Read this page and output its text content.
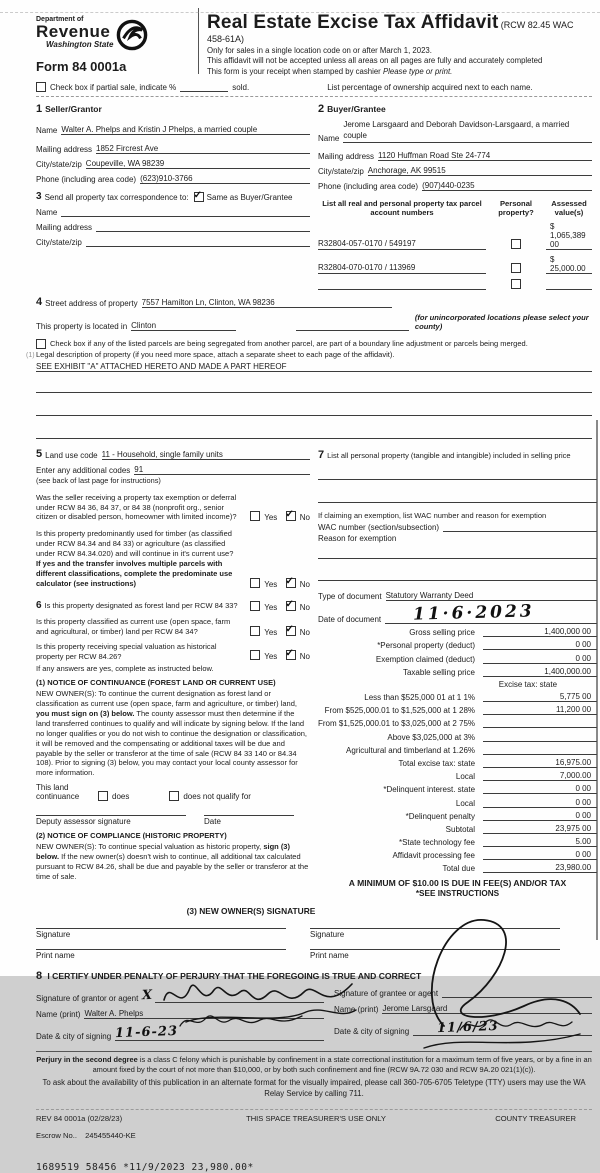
(1)
Department of
Revenue
Washington State
Form 84 0001a
Real Estate Excise Tax Affidavit (RCW 82.45 WAC 458-61A)
Only for sales in a single location code on or after March 1, 2023.
This affidavit will not be accepted unless all areas on all pages are fully and accurately completed
This form is your receipt when stamped by cashier Please type or print.
Check box if partial sale, indicate %	sold.	List percentage of ownership acquired next to each name.
1 Seller/Grantor
Name Walter A. Phelps and Kristin J Phelps, a married couple
Mailing address 1852 Fircrest Ave
City/state/zip Coupeville, WA 98239
Phone (including area code) (623)910-3766
3 Send all property tax correspondence to: ✓ Same as Buyer/Grantee
Name
Mailing address
City/state/zip
2 Buyer/Grantee
Name
Jerome Larsgaard and Deborah Davidson-Larsgaard, a married couple
Mailing address 1120 Huffman Road Ste 24-774
City/state/zip Anchorage, AK 99515
Phone (including area code) (907)440-0235
List all real and personal property tax parcel account numbers
Personal property?
Assessed value(s)
R32804-057-0170 / 549197
$ 1,065,389 00
R32804-070-0170 / 113969
$ 25,000.00
4 Street address of property 7557 Hamilton Ln, Clinton, WA 98236
This property is located in Clinton
(for unincorporated locations please select your county)
Check box if any of the listed parcels are being segregated from another parcel, are part of a boundary line adjustment or parcels being merged.
Legal description of property (if you need more space, attach a separate sheet to each page of the affidavit).
SEE EXHIBIT "A" ATTACHED HERETO AND MADE A PART HEREOF
5 Land use code 11 - Household, single family units
Enter any additional codes 91
(see back of last page for instructions)
Was the seller receiving a property tax exemption or deferral under RCW 84 36, 84 37, or 84 38 (nonprofit org., senior citizen or disabled person, homeowner with limited income)?	Yes ✓	No
Is this property predominantly used for timber (as classified under RCW 84.34 and 84 33) or agriculture (as classified under RCW 84.34.020) and will continue in it's current use? If yes and the transfer involves multiple parcels with different classifications, complete the predominate use calculator (see instructions)	Yes ✓	No
6 Is this property designated as forest land per RCW 84 33?	Yes ✓	No
Is this property classified as current use (open space, farm and agricultural, or timber) land per RCW 84 34?	Yes ✓	No
Is this property receiving special valuation as historical property per RCW 84.26?	Yes ✓	No
If any answers are yes, complete as instructed below.
(1) NOTICE OF CONTINUANCE (FOREST LAND OR CURRENT USE)
NEW OWNER(S): To continue the current designation as forest land or classification as current use (open space, farm and agriculture, or timber) land, you must sign on (3) below. The county assessor must then determine if the land transferred continues to qualify and will indicate by signing below. If the land no longer qualifies or you do not wish to continue the designation or classification, it will be removed and the compensating or additional taxes will be due and payable by the seller or transferor at the time of sale (RCW 84 33 140 or 84.34 108). Prior to signing (3) below, you may contact your local county assessor for more information.
This land
continuance	does	does not qualify for
Deputy assessor signature	Date
(2) NOTICE OF COMPLIANCE (HISTORIC PROPERTY)
NEW OWNER(S): To continue special valuation as historic property, sign (3) below. If the new owner(s) doesn't wish to continue, all additional tax calculated pursuant to RCW 84.26, shall be due and payable by the seller or transferor at the time of sale.
7 List all personal property (tangible and intangible) included in selling price

If claiming an exemption, list WAC number and reason for exemption
WAC number (section/subsection)
Reason for exemption

Type of document Statutory Warranty Deed
Date of document	11·6·2023
Gross selling price	1,400,000 00
*Personal property (deduct)	0 00
Exemption claimed (deduct)	0 00
Taxable selling price	1,400,000.00
Excise tax: state
Less than $525,000 01 at 1 1%	5,775 00
From $525,000.01 to $1,525,000 at 1 28%	11,200 00
From $1,525,000.01 to $3,025,000 at 2 75%
Above $3,025,000 at 3%
Agricultural and timberland at 1.26%
Total excise tax: state	16,975.00
Local	7,000.00
*Delinquent interest. state	0 00
Local	0 00
*Delinquent penalty	0 00
Subtotal	23,975 00
*State technology fee	5.00
Affidavit processing fee	0 00
Total due	23,980.00
A MINIMUM OF $10.00 IS DUE IN FEE(S) AND/OR TAX
*SEE INSTRUCTIONS
(3) NEW OWNER(S) SIGNATURE
Signature	Signature
Print name	Print name
8 I CERTIFY UNDER PENALTY OF PERJURY THAT THE FOREGOING IS TRUE AND CORRECT
Signature of grantor or agent X
Name (print) Walter A. Phelps
Date & city of signing 11-6-23
Signature of grantee or agent
Name (print) Jerome Larsgaard
Date & city of signing	11/6/23
Perjury in the second degree is a class C felony which is punishable by confinement in a state correctional institution for a maximum term of five years, or by a fine in an amount fixed by the court of not more than $10,000, or by both such confinement and fine (RCW 9A.72 030 and RCW 9A.20 021(1)(c)).
To ask about the availability of this publication in an alternate format for the visually impaired, please call 360-705-6705 Teletype (TTY) users may use the WA Relay Service by calling 711.
REV 84 0001a (02/28/23)	THIS SPACE TREASURER'S USE ONLY	COUNTY TREASURER
Escrow No.. 245455440-KE
1689519 58456 *11/9/2023 23,980.00*
